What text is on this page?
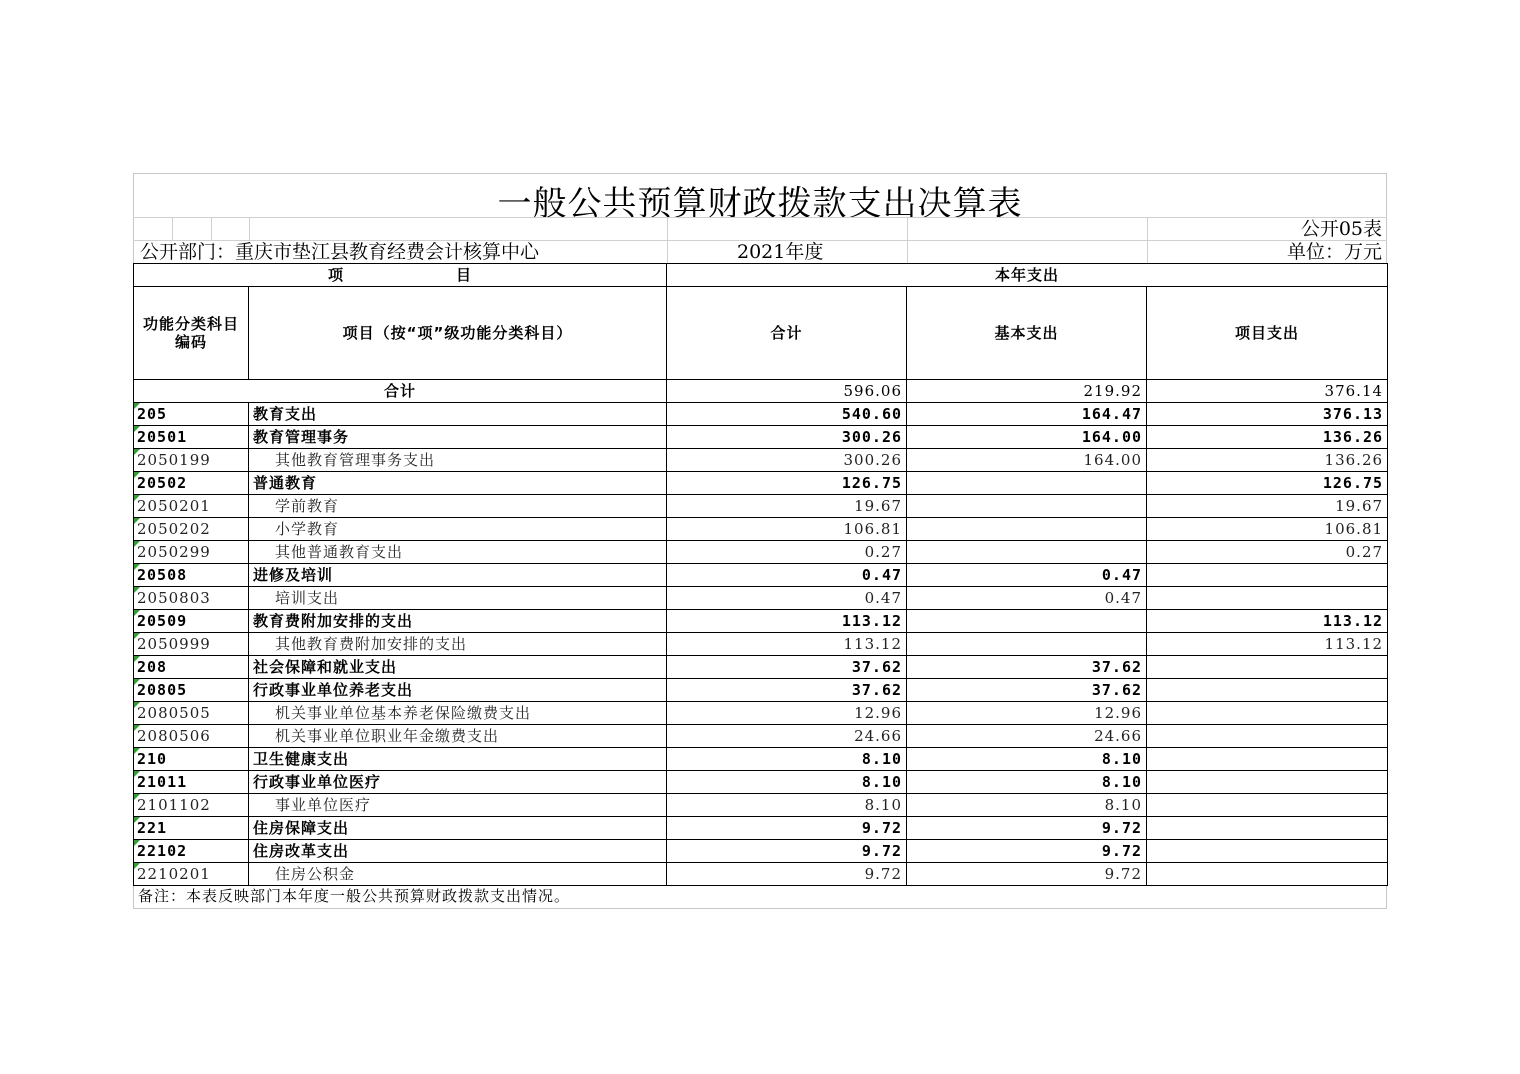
一般公共预算财政拨款支出决算表
公开05表
公开部门：重庆市垫江县教育经费会计核算中心	2021年度	单位：万元
项　　　　　　　目		本年支出		
功能分类科目编码	项目（按“项”级功能分类科目）	合计	基本支出	项目支出
合计		596.06	219.92	376.14
205	教育支出	540.60	164.47	376.13
20501	教育管理事务	300.26	164.00	136.26
2050199	其他教育管理事务支出	300.26	164.00	136.26
20502	普通教育	126.75		126.75
2050201	学前教育	19.67		19.67
2050202	小学教育	106.81		106.81
2050299	其他普通教育支出	0.27		0.27
20508	进修及培训	0.47	0.47	
2050803	培训支出	0.47	0.47	
20509	教育费附加安排的支出	113.12		113.12
2050999	其他教育费附加安排的支出	113.12		113.12
208	社会保障和就业支出	37.62	37.62	
20805	行政事业单位养老支出	37.62	37.62	
2080505	机关事业单位基本养老保险缴费支出	12.96	12.96	
2080506	机关事业单位职业年金缴费支出	24.66	24.66	
210	卫生健康支出	8.10	8.10	
21011	行政事业单位医疗	8.10	8.10	
2101102	事业单位医疗	8.10	8.10	
221	住房保障支出	9.72	9.72	
22102	住房改革支出	9.72	9.72	
2210201	住房公积金	9.72	9.72	
备注：本表反映部门本年度一般公共预算财政拨款支出情况。
